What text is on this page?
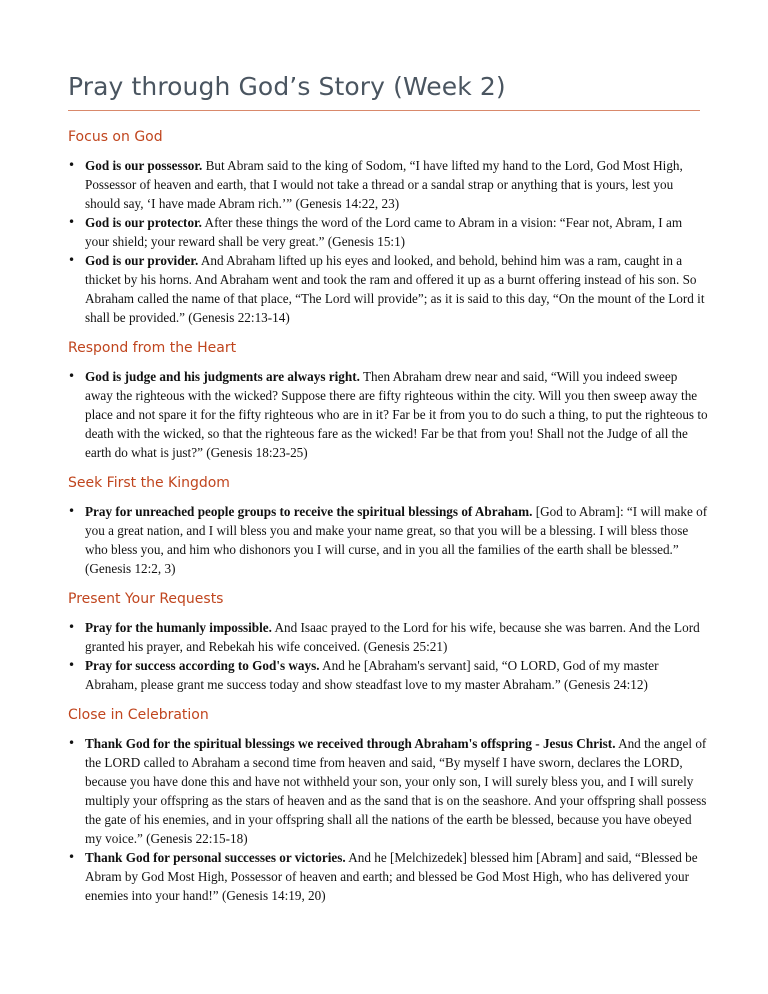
Pray through God’s Story (Week 2)
Focus on God
• God is our possessor. But Abram said to the king of Sodom, “I have lifted my hand to the Lord, God Most High, Possessor of heaven and earth, that I would not take a thread or a sandal strap or anything that is yours, lest you should say, ‘I have made Abram rich.’” (Genesis 14:22, 23)
• God is our protector. After these things the word of the Lord came to Abram in a vision: “Fear not, Abram, I am your shield; your reward shall be very great.” (Genesis 15:1)
• God is our provider. And Abraham lifted up his eyes and looked, and behold, behind him was a ram, caught in a thicket by his horns. And Abraham went and took the ram and offered it up as a burnt offering instead of his son. So Abraham called the name of that place, “The Lord will provide”; as it is said to this day, “On the mount of the Lord it shall be provided.” (Genesis 22:13-14)
Respond from the Heart
• God is judge and his judgments are always right. Then Abraham drew near and said, “Will you indeed sweep away the righteous with the wicked? Suppose there are fifty righteous within the city. Will you then sweep away the place and not spare it for the fifty righteous who are in it? Far be it from you to do such a thing, to put the righteous to death with the wicked, so that the righteous fare as the wicked! Far be that from you! Shall not the Judge of all the earth do what is just?” (Genesis 18:23-25)
Seek First the Kingdom
• Pray for unreached people groups to receive the spiritual blessings of Abraham. [God to Abram]: “I will make of you a great nation, and I will bless you and make your name great, so that you will be a blessing. I will bless those who bless you, and him who dishonors you I will curse, and in you all the families of the earth shall be blessed.” (Genesis 12:2, 3)
Present Your Requests
• Pray for the humanly impossible. And Isaac prayed to the Lord for his wife, because she was barren. And the Lord granted his prayer, and Rebekah his wife conceived. (Genesis 25:21)
• Pray for success according to God's ways. And he [Abraham's servant] said, “O LORD, God of my master Abraham, please grant me success today and show steadfast love to my master Abraham.” (Genesis 24:12)
Close in Celebration
• Thank God for the spiritual blessings we received through Abraham's offspring - Jesus Christ. And the angel of the LORD called to Abraham a second time from heaven and said, “By myself I have sworn, declares the LORD, because you have done this and have not withheld your son, your only son, I will surely bless you, and I will surely multiply your offspring as the stars of heaven and as the sand that is on the seashore. And your offspring shall possess the gate of his enemies, and in your offspring shall all the nations of the earth be blessed, because you have obeyed my voice.” (Genesis 22:15-18)
• Thank God for personal successes or victories. And he [Melchizedek] blessed him [Abram] and said, “Blessed be Abram by God Most High, Possessor of heaven and earth; and blessed be God Most High, who has delivered your enemies into your hand!” (Genesis 14:19, 20)
